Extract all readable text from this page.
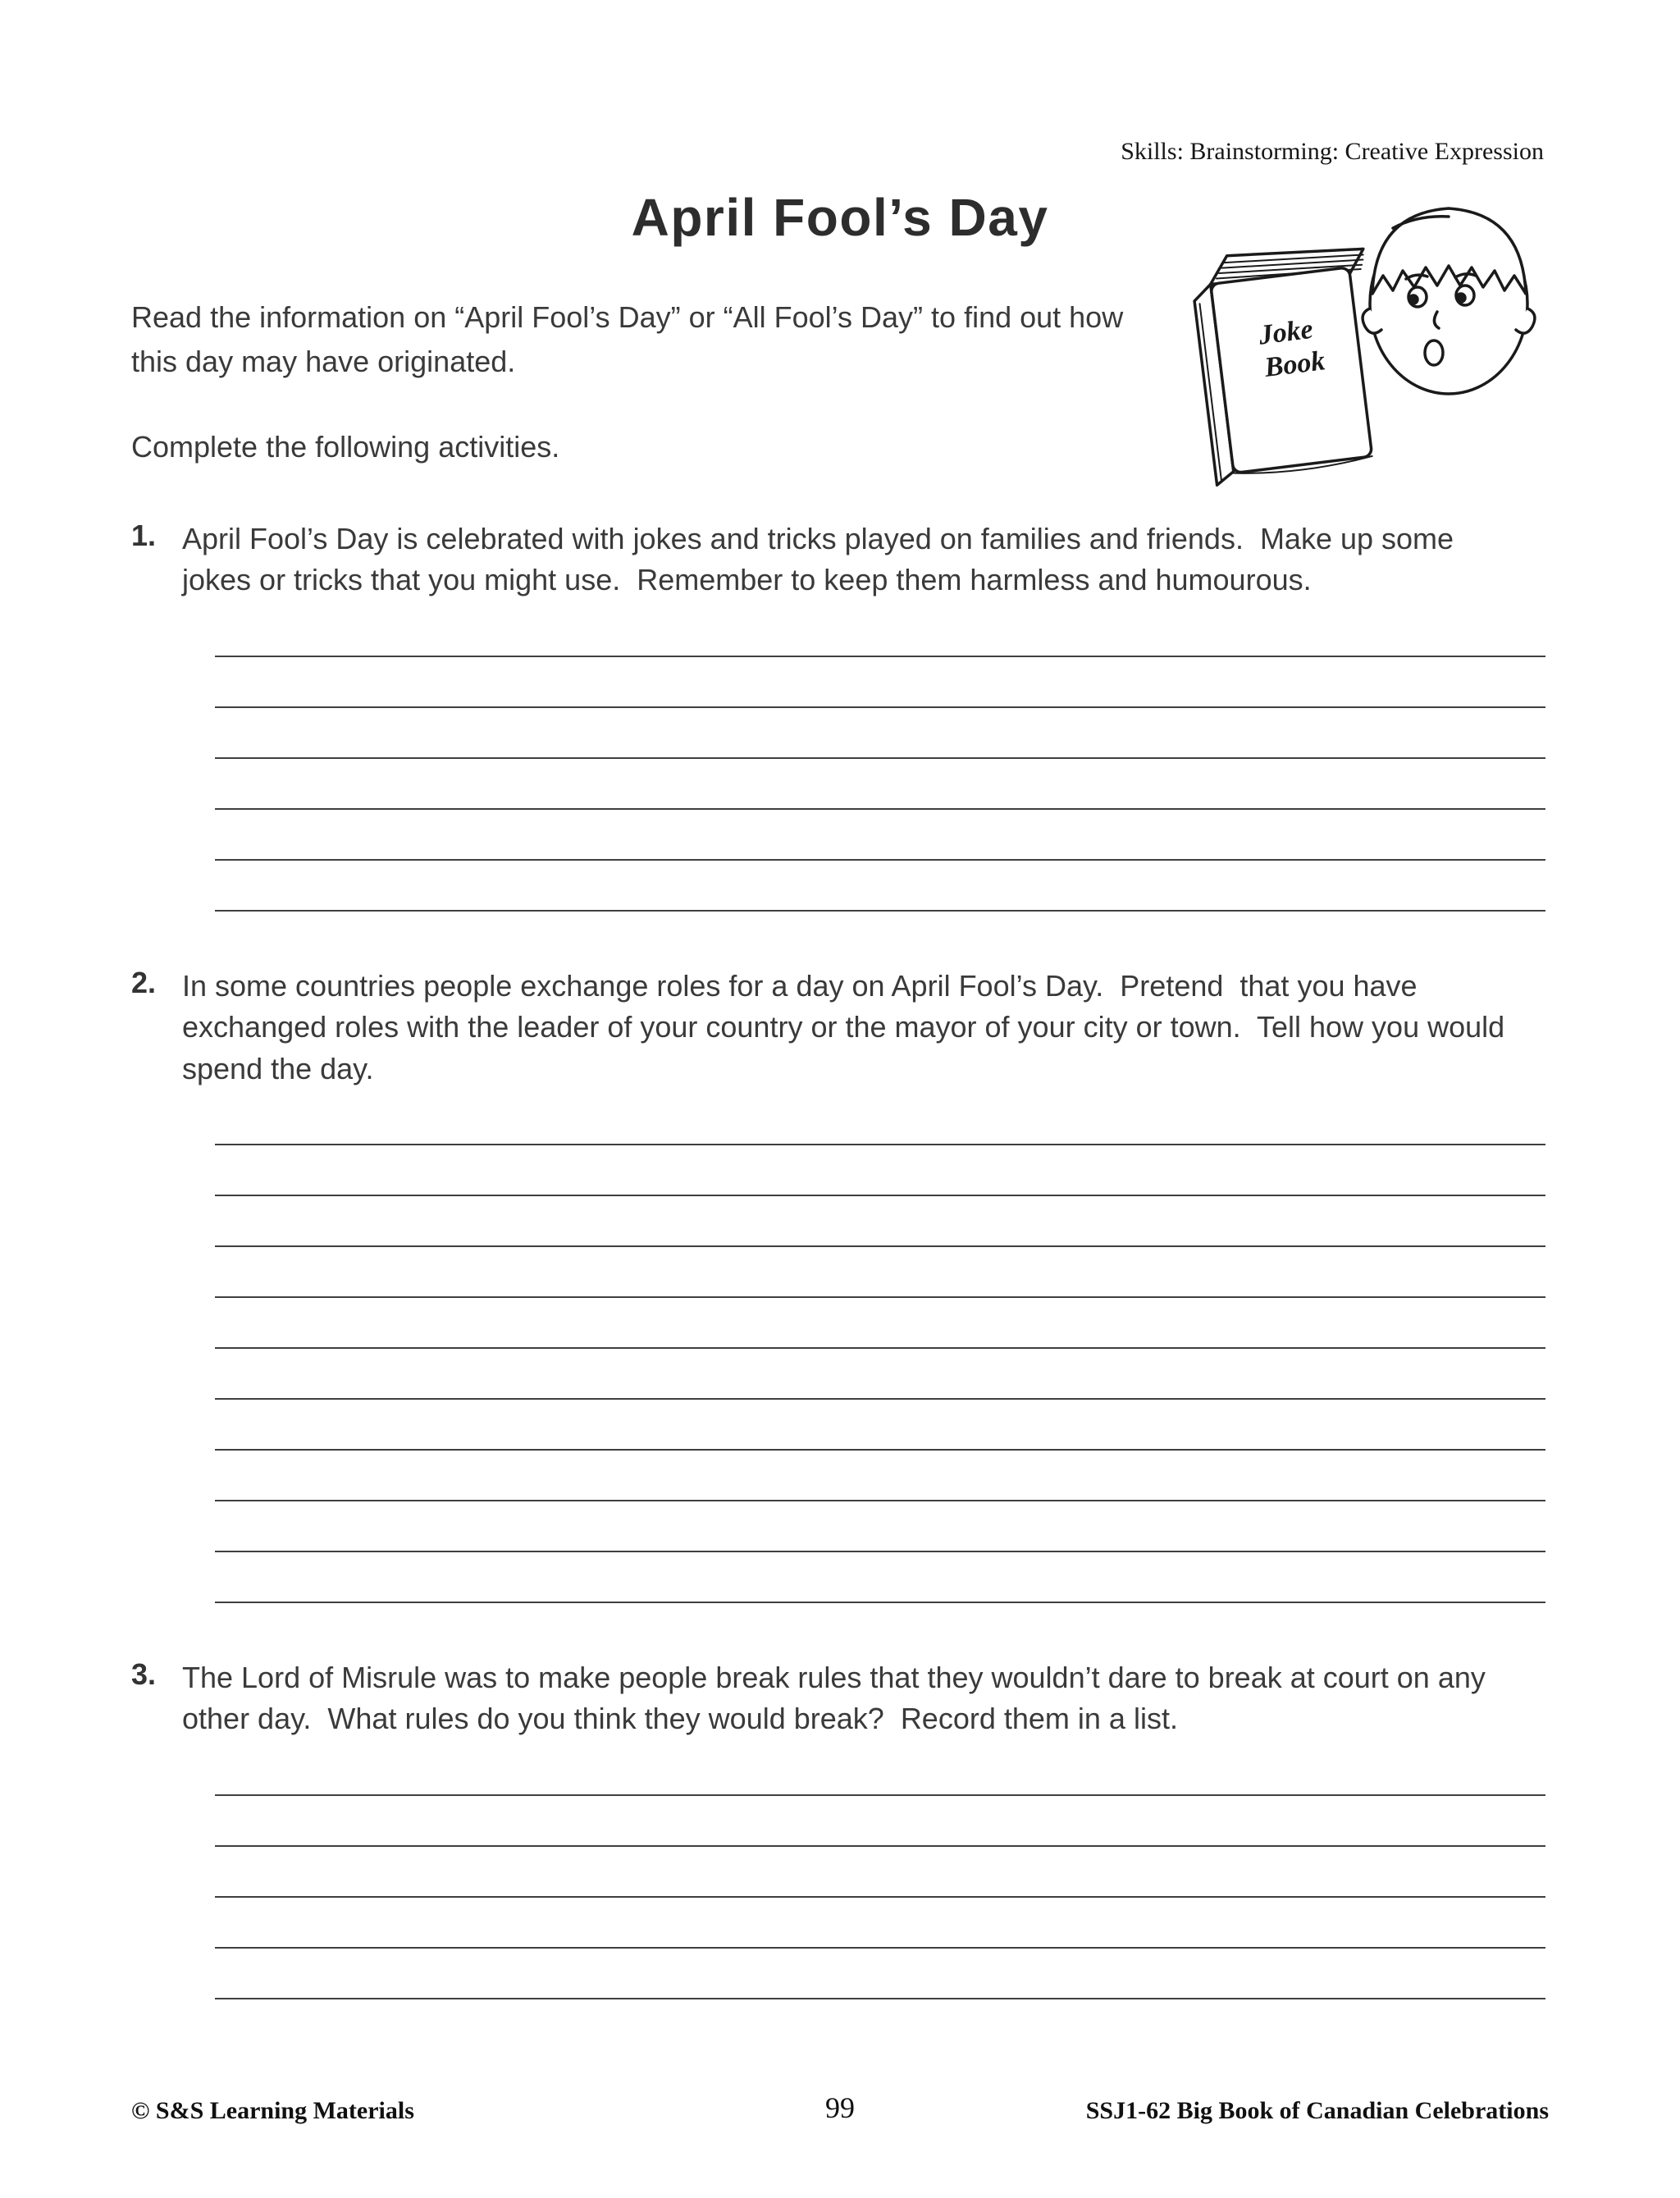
Skills: Brainstorming: Creative Expression
April Fool’s Day
Read the information on “April Fool’s Day” or “All Fool’s Day” to find out how this day may have originated.
Complete the following activities.
1. April Fool’s Day is celebrated with jokes and tricks played on families and friends.  Make up some jokes or tricks that you might use.  Remember to keep them harmless and humourous.
2. In some countries people exchange roles for a day on April Fool’s Day.  Pretend  that you have exchanged roles with the leader of your country or the mayor of your city or town.  Tell how you would spend the day.
3. The Lord of Misrule was to make people break rules that they wouldn’t dare to break at court on any other day.  What rules do you think they would break?  Record them in a list.
Joke
Book
© S&S Learning Materials	99	SSJ1-62 Big Book of Canadian Celebrations
